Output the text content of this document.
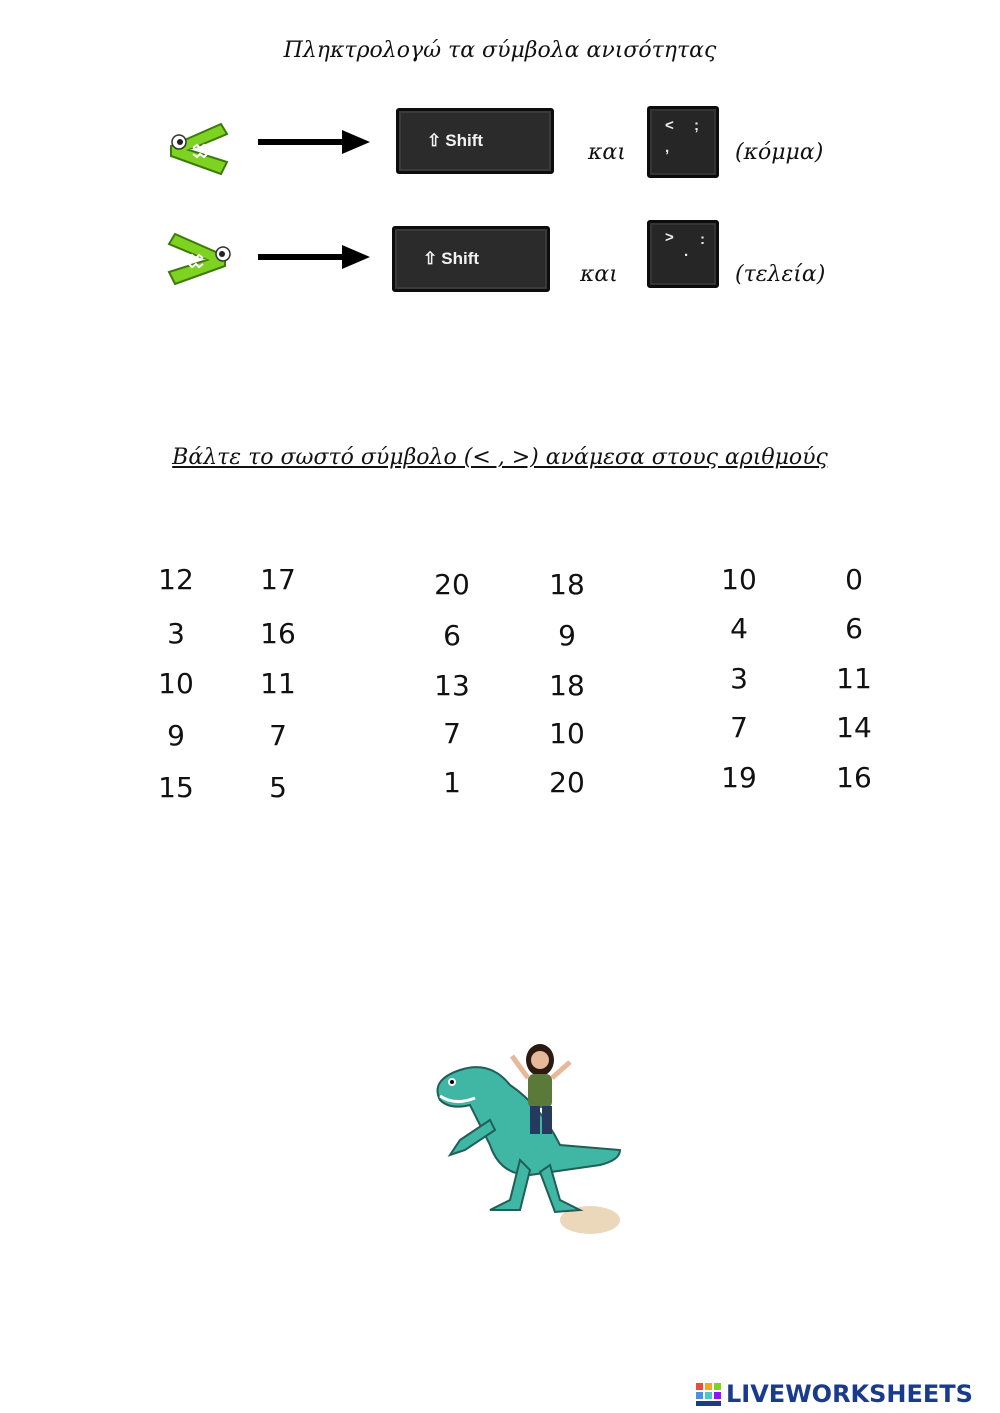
Πληκτρολογώ τα σύμβολα ανισότητας
⇧ Shift	και
< ;
,	(κόμμα)
⇧ Shift
και
> :
.
(τελεία)
Βάλτε το σωστό σύμβολο (< , >) ανάμεσα στους αριθμούς
12	17
3	16
10	11
9	7
15	5
20	18
6	9
13	18
7	10
1	20
10	0
4	6
3	11
7	14
19	16
LIVEWORKSHEETS
